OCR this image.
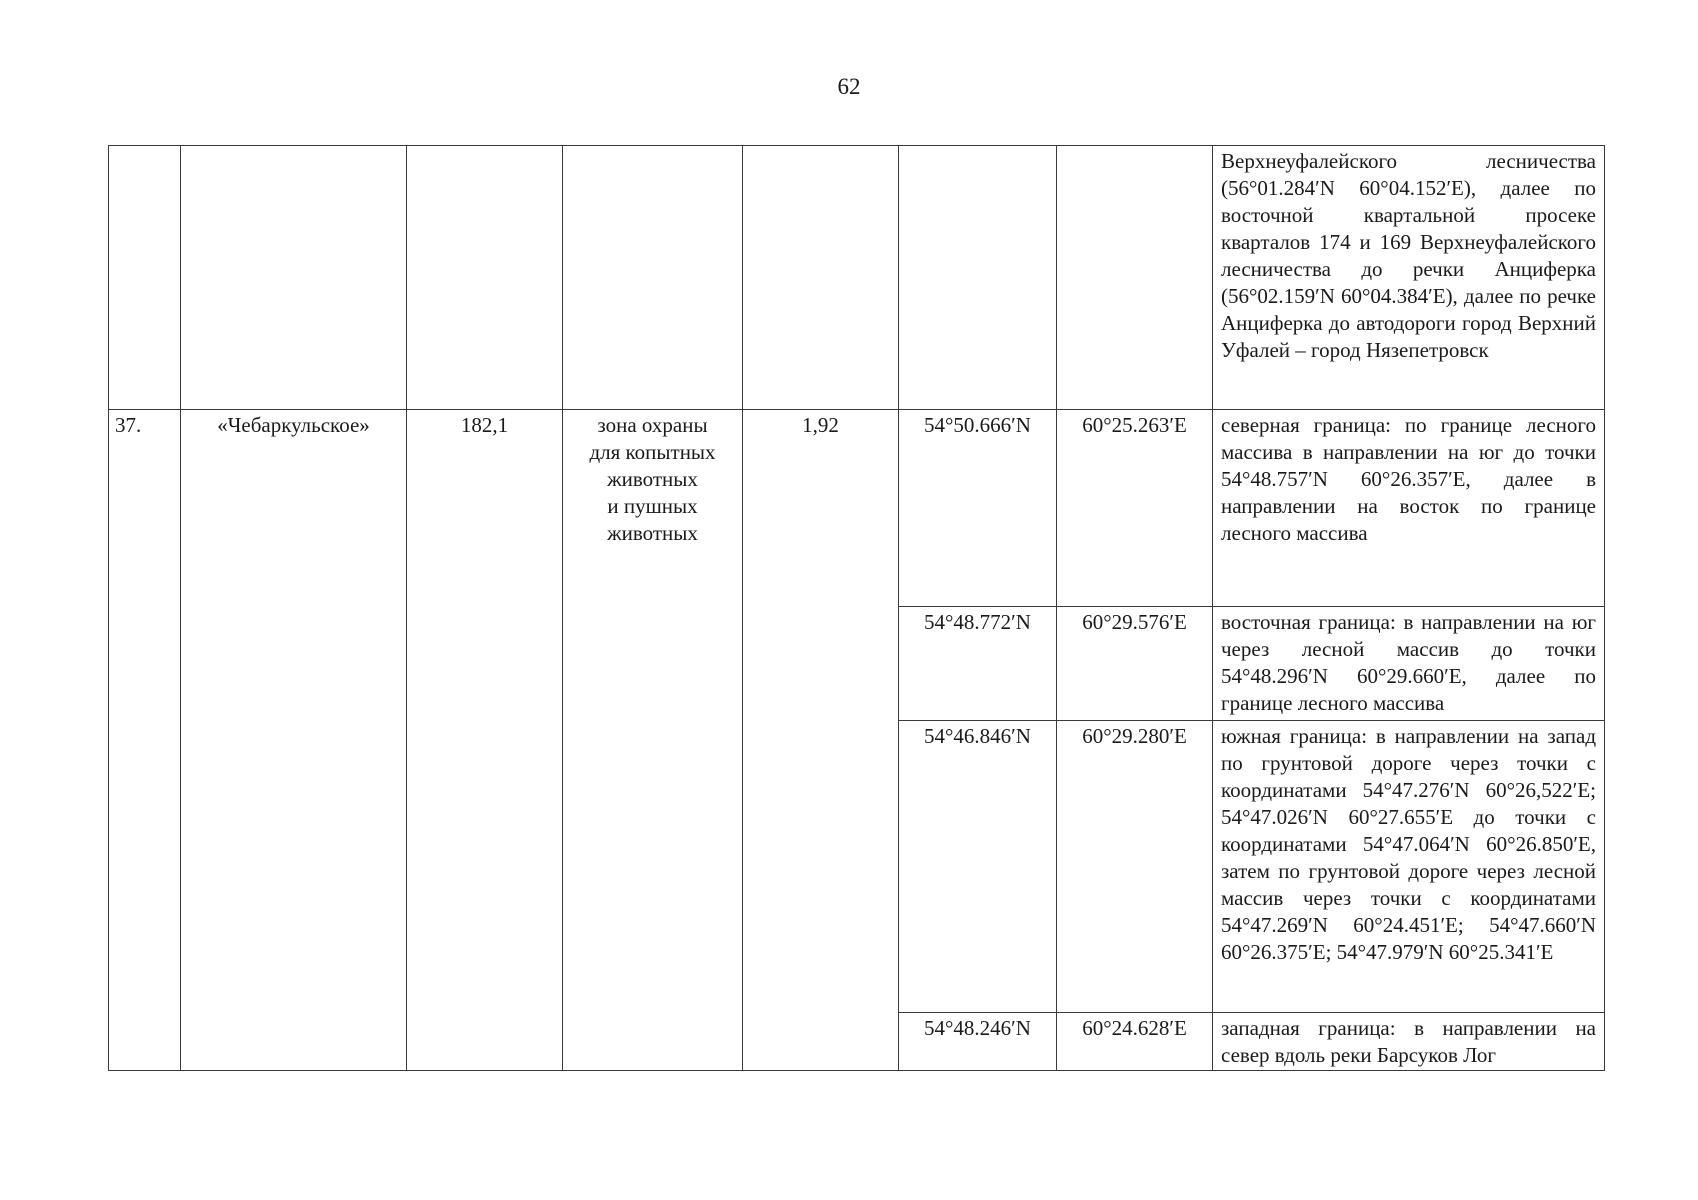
62
							Верхнеуфалейского лесничества (56°01.284′N 60°04.152′E), далее по восточной квартальной просеке кварталов 174 и 169 Верхнеуфалейского лесничества до речки Анциферка (56°02.159′N 60°04.384′E), далее по речке Анциферка до автодороги город Верхний Уфалей – город Нязепетровск
37.	«Чебаркульское»	182,1	зона охраны
для копытных
животных
и пушных
животных	1,92	54°50.666′N	60°25.263′E	северная граница: по границе лесного массива в направлении на юг до точки 54°48.757′N 60°26.357′E, далее в направлении на восток по границе лесного массива
					54°48.772′N	60°29.576′E	восточная граница: в направлении на юг через лесной массив до точки 54°48.296′N 60°29.660′E, далее по границе лесного массива
					54°46.846′N	60°29.280′E	южная граница: в направлении на запад по грунтовой дороге через точки с координатами 54°47.276′N 60°26,522′E; 54°47.026′N 60°27.655′E до точки с координатами 54°47.064′N 60°26.850′E, затем по грунтовой дороге через лесной массив через точки с координатами 54°47.269′N 60°24.451′E; 54°47.660′N 60°26.375′E; 54°47.979′N 60°25.341′E
					54°48.246′N	60°24.628′E	западная граница: в направлении на север вдоль реки Барсуков Лог
